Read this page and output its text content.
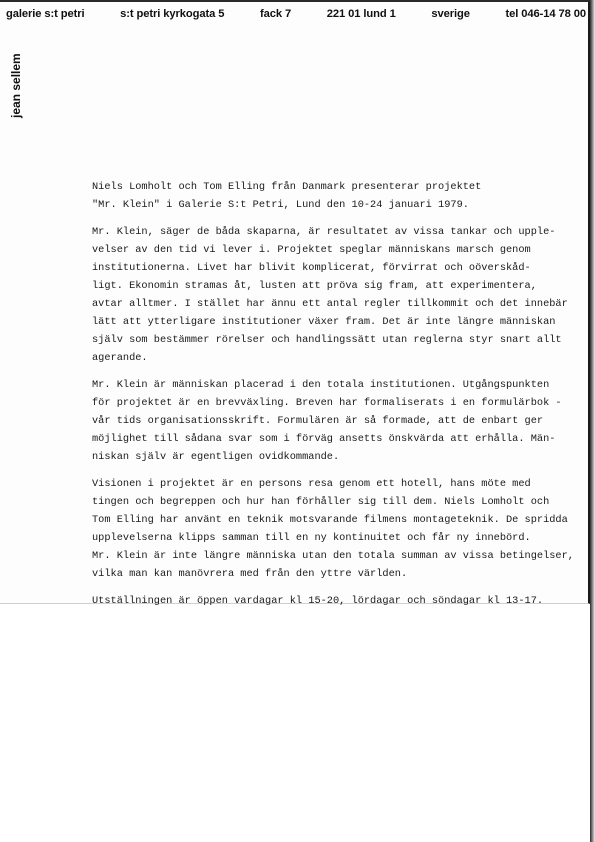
galerie s:t petri	s:t petri kyrkogata 5	fack 7	221 01 lund 1	sverige	tel 046-14 78 00
jean sellem
Niels Lomholt och Tom Elling från Danmark presenterar projektet
"Mr. Klein" i Galerie S:t Petri, Lund den 10-24 januari 1979.
Mr. Klein, säger de båda skaparna, är resultatet av vissa tankar och upple-
velser av den tid vi lever i. Projektet speglar människans marsch genom
institutionerna. Livet har blivit komplicerat, förvirrat och oöverskåd-
ligt. Ekonomin stramas åt, lusten att pröva sig fram, att experimentera,
avtar alltmer. I stället har ännu ett antal regler tillkommit och det innebär
lätt att ytterligare institutioner växer fram. Det är inte längre människan
själv som bestämmer rörelser och handlingssätt utan reglerna styr snart allt
agerande.
Mr. Klein är människan placerad i den totala institutionen. Utgångspunkten
för projektet är en brevväxling. Breven har formaliserats i en formulärbok -
vår tids organisationsskrift. Formulären är så formade, att de enbart ger
möjlighet till sådana svar som i förväg ansetts önskvärda att erhålla. Män-
niskan själv är egentligen ovidkommande.
Visionen i projektet är en persons resa genom ett hotell, hans möte med
tingen och begreppen och hur han förhåller sig till dem. Niels Lomholt och
Tom Elling har använt en teknik motsvarande filmens montageteknik. De spridda
upplevelserna klipps samman till en ny kontinuitet och får ny innebörd.
Mr. Klein är inte längre människa utan den totala summan av vissa betingelser,
vilka man kan manövrera med från den yttre världen.
Utställningen är öppen vardagar kl 15-20, lördagar och söndagar kl 13-17.
